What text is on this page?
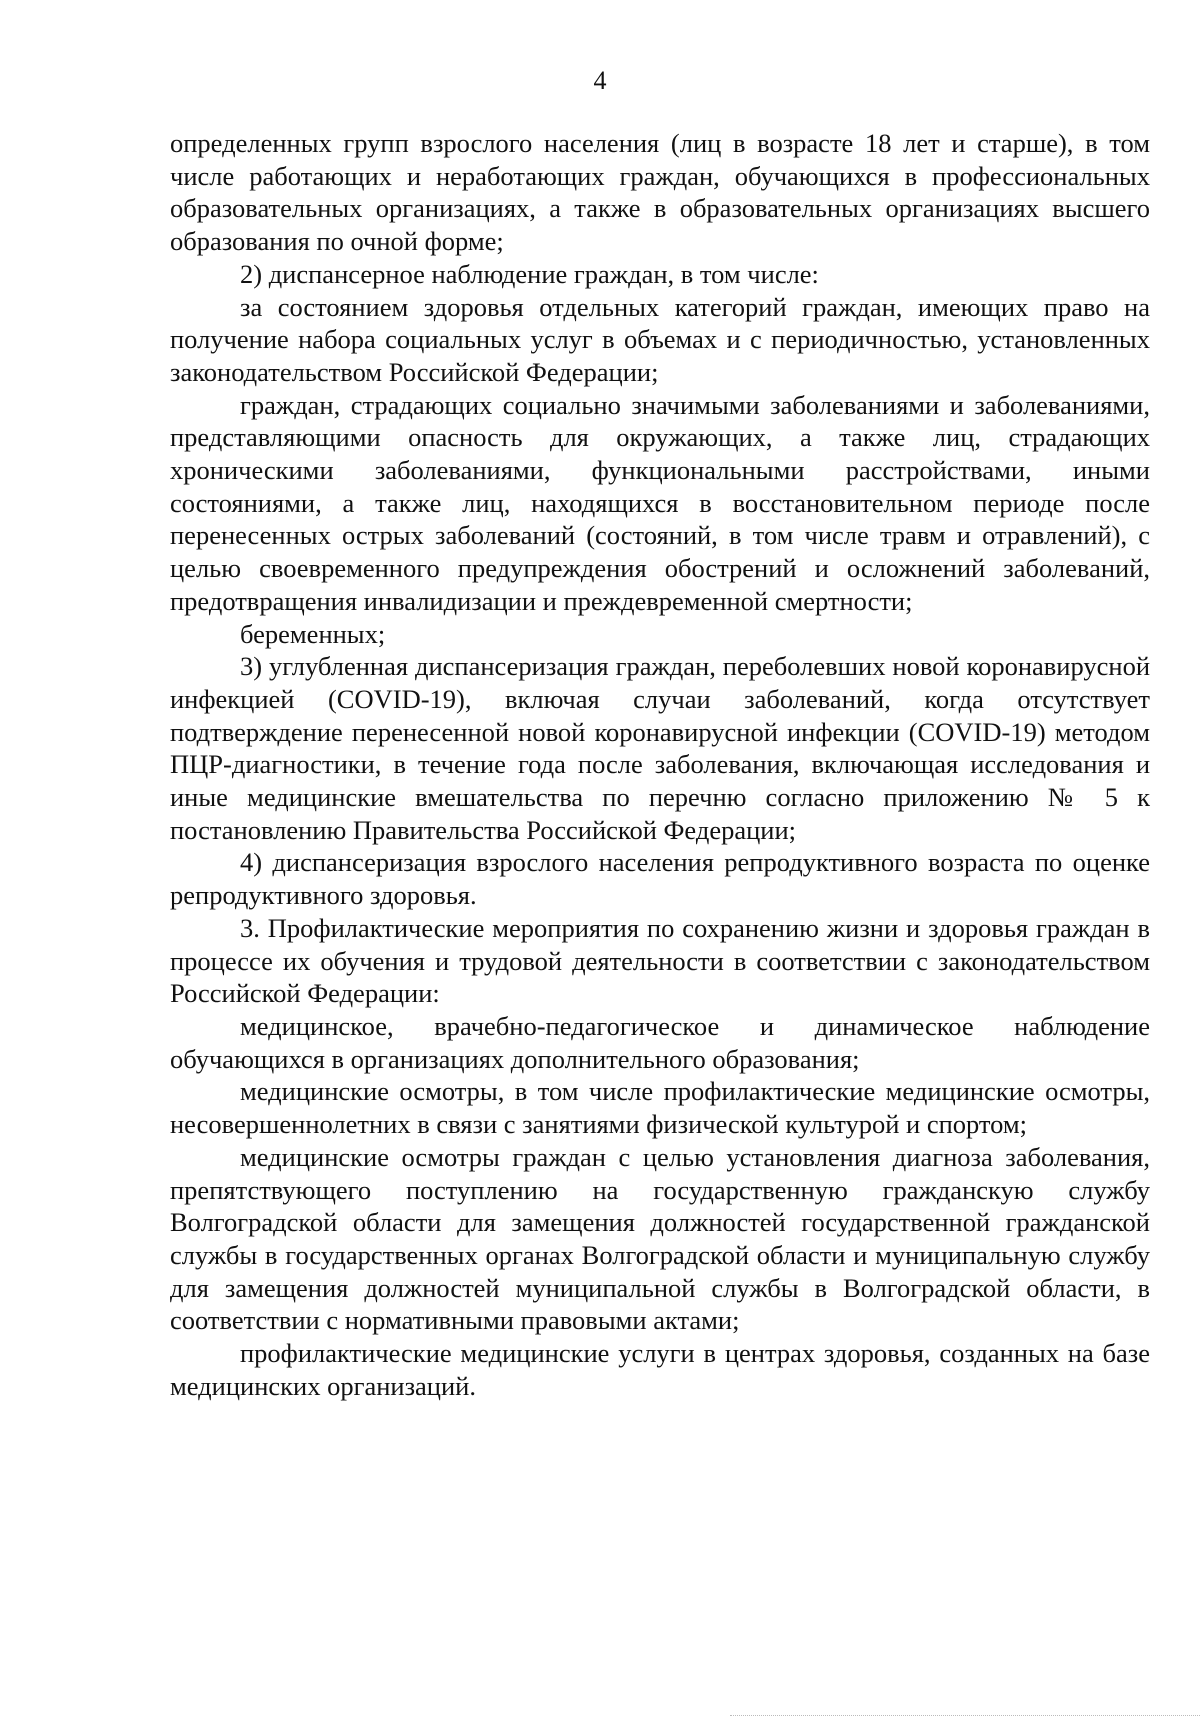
4

определенных групп взрослого населения (лиц в возрасте 18 лет и старше), в том числе работающих и неработающих граждан, обучающихся в профессиональных образовательных организациях, а также в образовательных организациях высшего образования по очной форме;

2) диспансерное наблюдение граждан, в том числе:

за состоянием здоровья отдельных категорий граждан, имеющих право на получение набора социальных услуг в объемах и с периодичностью, установленных законодательством Российской Федерации;

граждан, страдающих социально значимыми заболеваниями и заболеваниями, представляющими опасность для окружающих, а также лиц, страдающих хроническими заболеваниями, функциональными расстройствами, иными состояниями, а также лиц, находящихся в восстановительном периоде после перенесенных острых заболеваний (состояний, в том числе травм и отравлений), с целью своевременного предупреждения обострений и осложнений заболеваний, предотвращения инвалидизации и преждевременной смертности;

беременных;

3) углубленная диспансеризация граждан, переболевших новой коронавирусной инфекцией (COVID-19), включая случаи заболеваний, когда отсутствует подтверждение перенесенной новой коронавирусной инфекции (COVID-19) методом ПЦР-диагностики, в течение года после заболевания, включающая исследования и иные медицинские вмешательства по перечню согласно приложению № 5 к постановлению Правительства Российской Федерации;

4) диспансеризация взрослого населения репродуктивного возраста по оценке репродуктивного здоровья.

3. Профилактические мероприятия по сохранению жизни и здоровья граждан в процессе их обучения и трудовой деятельности в соответствии с законодательством Российской Федерации:

медицинское, врачебно-педагогическое и динамическое наблюдение обучающихся в организациях дополнительного образования;

медицинские осмотры, в том числе профилактические медицинские осмотры, несовершеннолетних в связи с занятиями физической культурой и спортом;

медицинские осмотры граждан с целью установления диагноза заболевания, препятствующего поступлению на государственную гражданскую службу Волгоградской области для замещения должностей государственной гражданской службы в государственных органах Волгоградской области и муниципальную службу для замещения должностей муниципальной службы в Волгоградской области, в соответствии с нормативными правовыми актами;

профилактические медицинские услуги в центрах здоровья, созданных на базе медицинских организаций.
